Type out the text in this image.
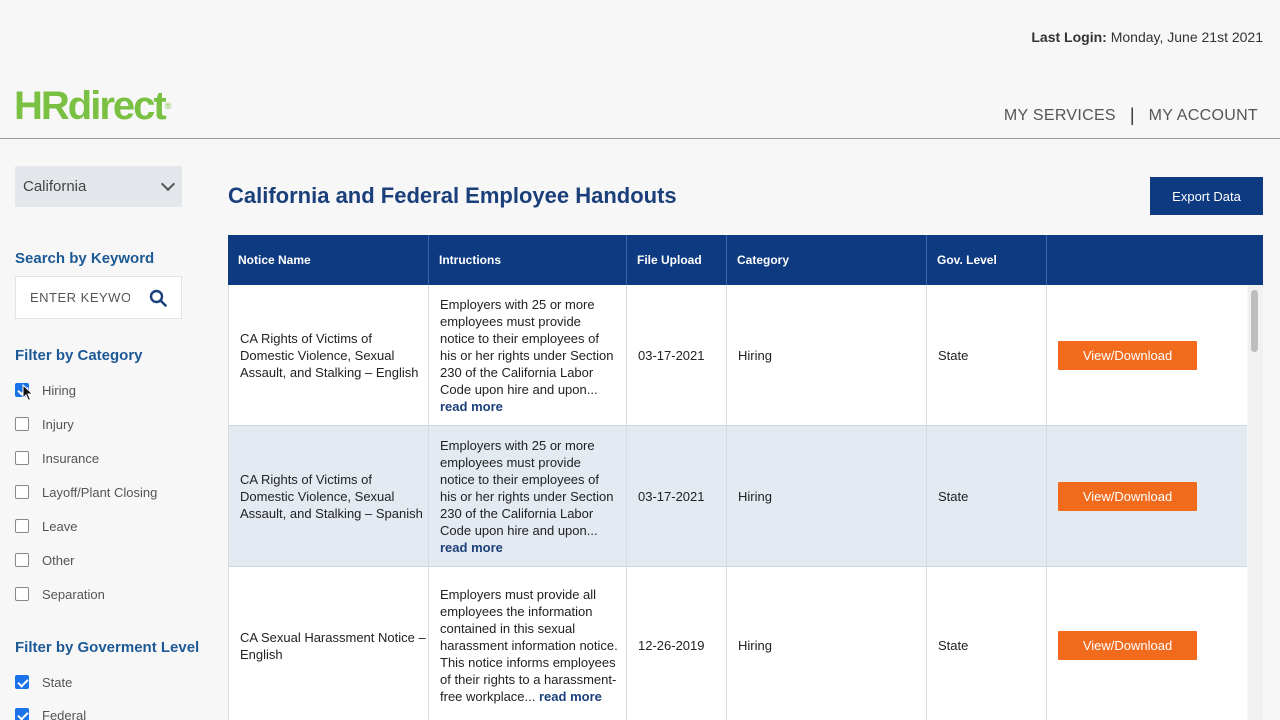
Last Login: Monday, June 21st 2021
HRdirect®
MY SERVICES | MY ACCOUNT
California
Search by Keyword
ENTER KEYWORD
Filter by Category
Hiring
Injury
Insurance
Layoff/Plant Closing
Leave
Other
Separation
Filter by Goverment Level
State
Federal
California and Federal Employee Handouts	Export Data
Notice Name	Intructions	File Upload	Category	Gov. Level
CA Rights of Victims of Domestic Violence, Sexual Assault, and Stalking – English
Employers with 25 or more employees must provide notice to their employees of his or her rights under Section 230 of the California Labor Code upon hire and upon... read more
03-17-2021	Hiring	State	View/Download
CA Rights of Victims of Domestic Violence, Sexual Assault, and Stalking – Spanish
Employers with 25 or more employees must provide notice to their employees of his or her rights under Section 230 of the California Labor Code upon hire and upon... read more
03-17-2021	Hiring	State	View/Download
CA Sexual Harassment Notice – English
Employers must provide all employees the information contained in this sexual harassment information notice. This notice informs employees of their rights to a harassment-free workplace... read more
12-26-2019	Hiring	State	View/Download
